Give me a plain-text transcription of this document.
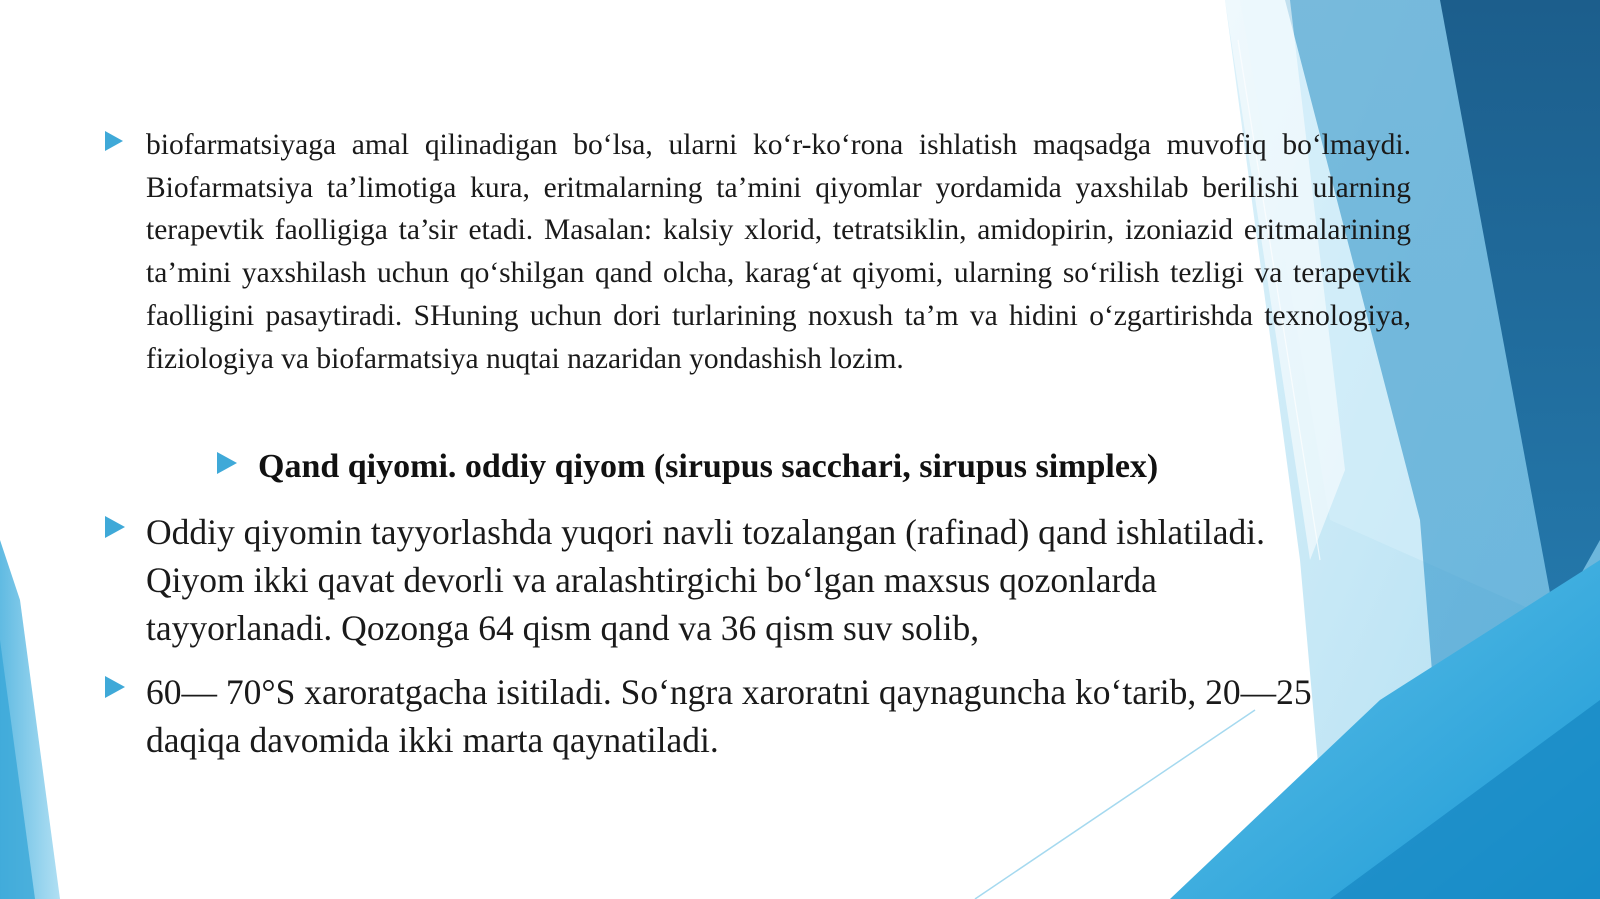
biofarmatsiyaga amal qilinadigan bo‘lsa, ularni ko‘r-ko‘rona ishlatish maqsadga muvofiq bo‘lmaydi. Biofarmatsiya ta’limotiga kura, eritmalarning ta’mini qiyomlar yordamida yaxshilab berilishi ularning terapevtik faolligiga ta’sir etadi. Masalan: kalsiy xlorid, tetratsiklin, amidopirin, izoniazid eritmalarining ta’mini yaxshilash uchun qo‘shilgan qand olcha, karag‘at qiyomi, ularning so‘rilish tezligi va terapevtik faolligini pasaytiradi. SHuning uchun dori turlarining noxush ta’m va hidini o‘zgartirishda texnologiya, fiziologiya va biofarmatsiya nuqtai nazaridan yondashish lozim.

Qand qiyomi. oddiy qiyom (sirupus sacchari, sirupus simplex)

Oddiy qiyomin tayyorlashda yuqori navli tozalangan (rafinad) qand ishlatiladi. Qiyom ikki qavat devorli va aralashtirgichi bo‘lgan maxsus qozonlarda tayyorlanadi. Qozonga 64 qism qand va 36 qism suv solib,

60— 70°S xaroratgacha isitiladi. So‘ngra xaroratni qaynaguncha ko‘tarib, 20—25 daqiqa davomida ikki marta qaynatiladi.
